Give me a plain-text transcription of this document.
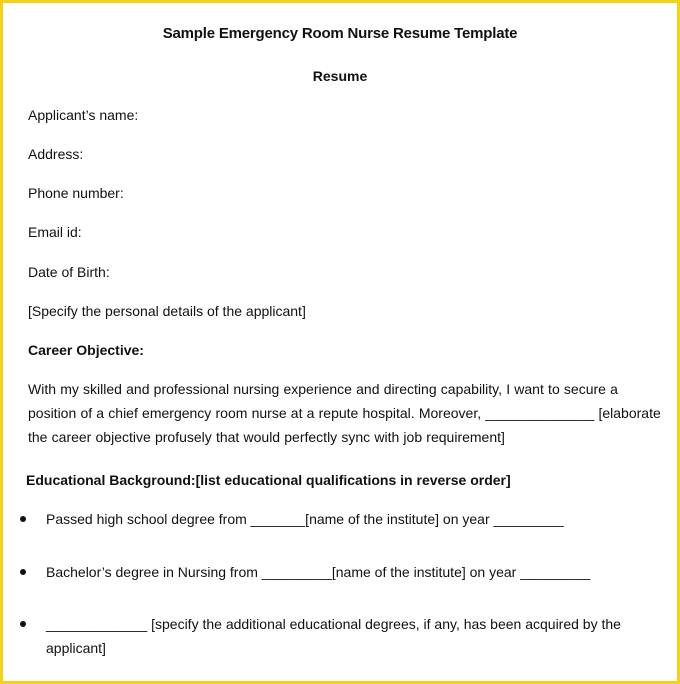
Sample Emergency Room Nurse Resume Template
Resume
Applicant’s name:
Address:
Phone number:
Email id:
Date of Birth:
[Specify the personal details of the applicant]
Career Objective:
With my skilled and professional nursing experience and directing capability, I want to secure a position of a chief emergency room nurse at a repute hospital. Moreover, ______________ [elaborate the career objective profusely that would perfectly sync with job requirement]
Educational Background:[list educational qualifications in reverse order]
Passed high school degree from _______[name of the institute] on year _________
Bachelor’s degree in Nursing from _________[name of the institute] on year _________
_____________ [specify the additional educational degrees, if any, has been acquired by the applicant]
